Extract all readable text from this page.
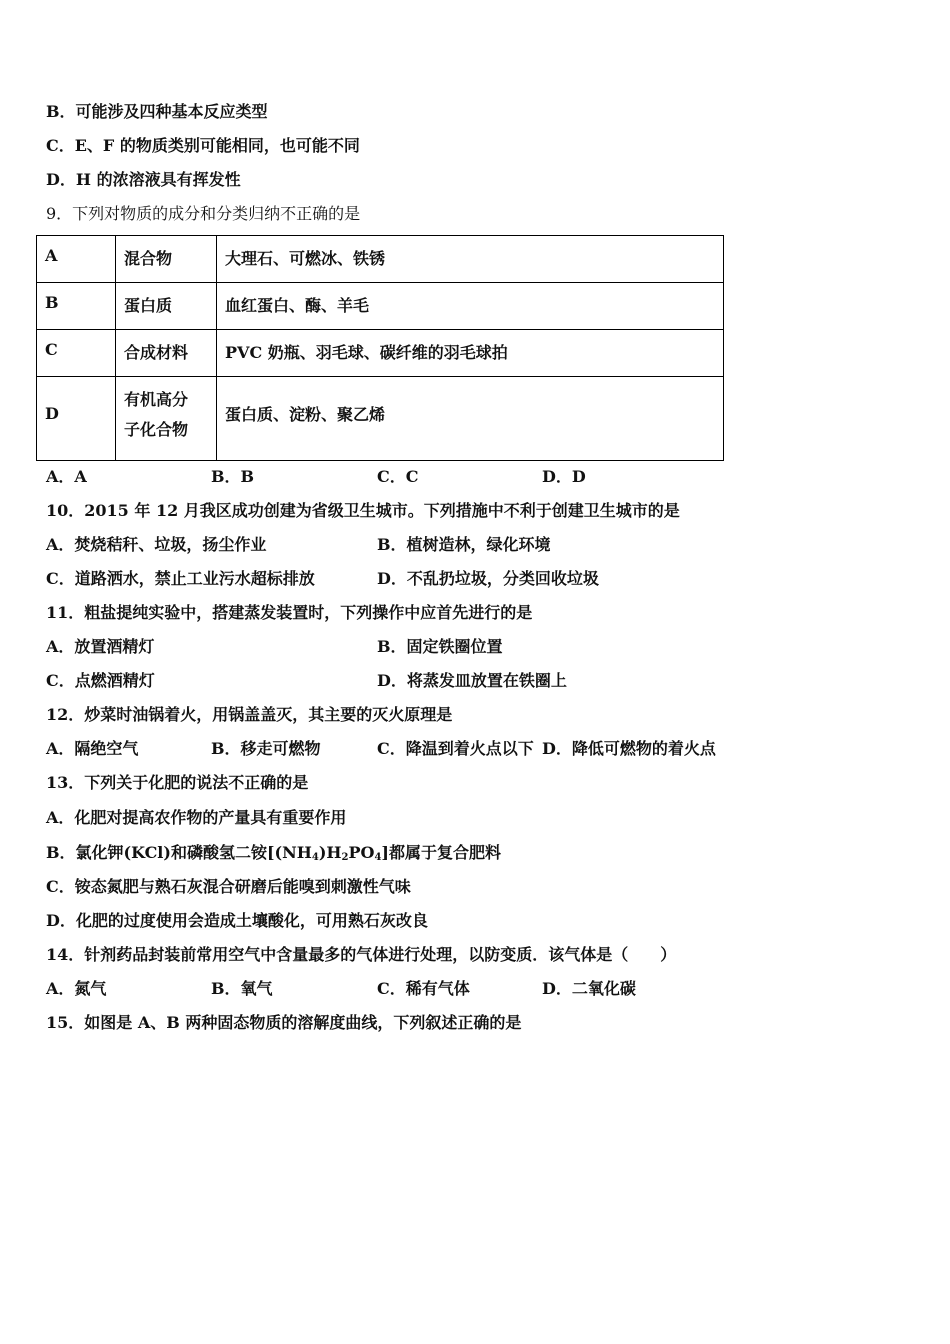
B．可能涉及四种基本反应类型
C．E、F 的物质类别可能相同，也可能不同
D．H 的浓溶液具有挥发性
9．下列对物质的成分和分类归纳不正确的是
A	混合物	大理石、可燃冰、铁锈
B	蛋白质	血红蛋白、酶、羊毛
C	合成材料	PVC 奶瓶、羽毛球、碳纤维的羽毛球拍
D	有机高分
子化合物	蛋白质、淀粉、聚乙烯
A．A	B．B	C．C	D．D
10．2015 年 12 月我区成功创建为省级卫生城市。下列措施中不利于创建卫生城市的是
A．焚烧秸秆、垃圾，扬尘作业	B．植树造林，绿化环境
C．道路洒水，禁止工业污水超标排放	D．不乱扔垃圾，分类回收垃圾
11．粗盐提纯实验中，搭建蒸发装置时，下列操作中应首先进行的是
A．放置酒精灯	B．固定铁圈位置
C．点燃酒精灯	D．将蒸发皿放置在铁圈上
12．炒菜时油锅着火，用锅盖盖灭，其主要的灭火原理是
A．隔绝空气	B．移走可燃物	C．降温到着火点以下 D．降低可燃物的着火点
13．下列关于化肥的说法不正确的是
A．化肥对提高农作物的产量具有重要作用
B．氯化钾(KCl)和磷酸氢二铵$[(NH_4)H_2PO_4]$都属于复合肥料
C．铵态氮肥与熟石灰混合研磨后能嗅到刺激性气味
D．化肥的过度使用会造成土壤酸化，可用熟石灰改良
14．针剂药品封装前常用空气中含量最多的气体进行处理，以防变质．该气体是（　　）
A．氮气	B．氧气	C．稀有气体	D．二氧化碳
15．如图是 A、B 两种固态物质的溶解度曲线，下列叙述正确的是
